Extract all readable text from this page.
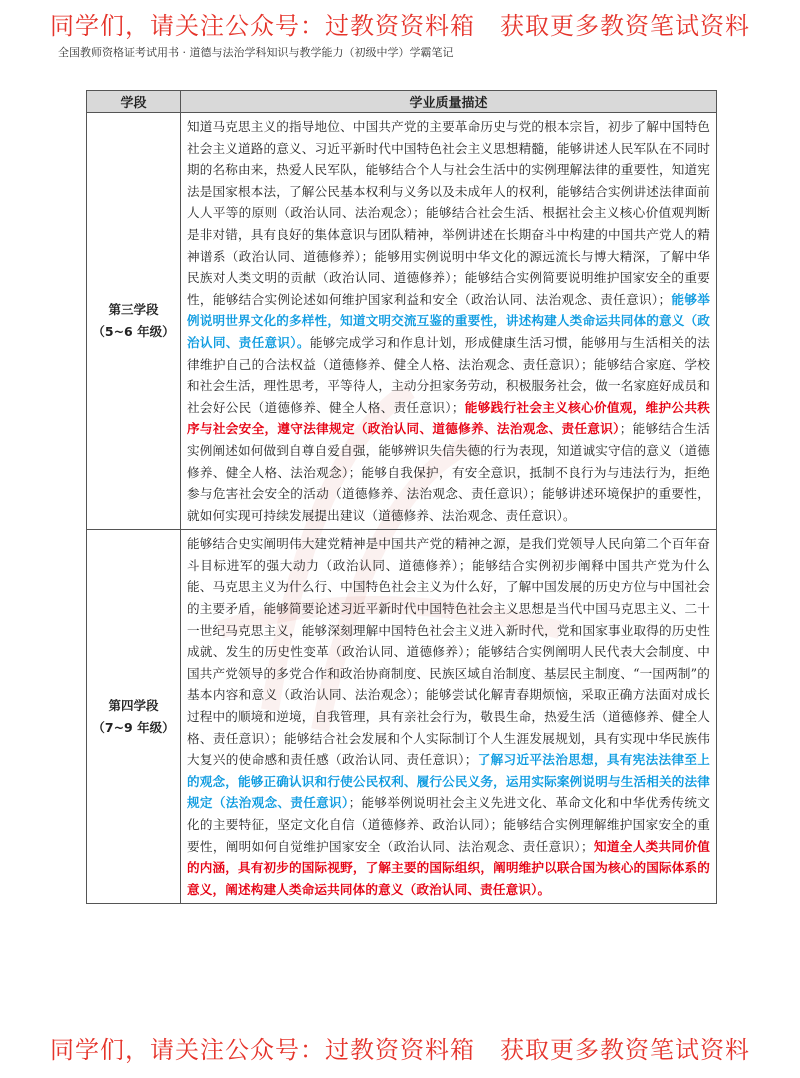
同学们，请关注公众号：过教资资料箱　获取更多教资笔试资料
全国教师资格证考试用书 · 道德与法治学科知识与教学能力（初级中学）学霸笔记
学段	学业质量描述

第三学段
（5~6 年级）	知道马克思主义的指导地位、中国共产党的主要革命历史与党的根本宗旨，初步了解中国特色社会主义道路的意义、习近平新时代中国特色社会主义思想精髓，能够讲述人民军队在不同时期的名称由来，热爱人民军队，能够结合个人与社会生活中的实例理解法律的重要性，知道宪法是国家根本法，了解公民基本权利与义务以及未成年人的权利，能够结合实例讲述法律面前人人平等的原则（政治认同、法治观念）；能够结合社会生活、根据社会主义核心价值观判断是非对错，具有良好的集体意识与团队精神，举例讲述在长期奋斗中构建的中国共产党人的精神谱系（政治认同、道德修养）；能够用实例说明中华文化的源远流长与博大精深，了解中华民族对人类文明的贡献（政治认同、道德修养）；能够结合实例简要说明维护国家安全的重要性，能够结合实例论述如何维护国家利益和安全（政治认同、法治观念、责任意识）；能够举例说明世界文化的多样性，知道文明交流互鉴的重要性，讲述构建人类命运共同体的意义（政治认同、责任意识）。能够完成学习和作息计划，形成健康生活习惯，能够用与生活相关的法律维护自己的合法权益（道德修养、健全人格、法治观念、责任意识）；能够结合家庭、学校和社会生活，理性思考，平等待人，主动分担家务劳动，积极服务社会，做一名家庭好成员和社会好公民（道德修养、健全人格、责任意识）；能够践行社会主义核心价值观，维护公共秩序与社会安全，遵守法律规定（政治认同、道德修养、法治观念、责任意识）；能够结合生活实例阐述如何做到自尊自爱自强，能够辨识失信失德的行为表现，知道诚实守信的意义（道德修养、健全人格、法治观念）；能够自我保护，有安全意识，抵制不良行为与违法行为，拒绝参与危害社会安全的活动（道德修养、法治观念、责任意识）；能够讲述环境保护的重要性，就如何实现可持续发展提出建议（道德修养、法治观念、责任意识）。

第四学段
（7~9 年级）	能够结合史实阐明伟大建党精神是中国共产党的精神之源，是我们党领导人民向第二个百年奋斗目标进军的强大动力（政治认同、道德修养）；能够结合实例初步阐释中国共产党为什么能、马克思主义为什么行、中国特色社会主义为什么好，了解中国发展的历史方位与中国社会的主要矛盾，能够简要论述习近平新时代中国特色社会主义思想是当代中国马克思主义、二十一世纪马克思主义，能够深刻理解中国特色社会主义进入新时代，党和国家事业取得的历史性成就、发生的历史性变革（政治认同、道德修养）；能够结合实例阐明人民代表大会制度、中国共产党领导的多党合作和政治协商制度、民族区域自治制度、基层民主制度、“一国两制”的基本内容和意义（政治认同、法治观念）；能够尝试化解青春期烦恼，采取正确方法面对成长过程中的顺境和逆境，自我管理，具有亲社会行为，敬畏生命，热爱生活（道德修养、健全人格、责任意识）；能够结合社会发展和个人实际制订个人生涯发展规划，具有实现中华民族伟大复兴的使命感和责任感（政治认同、责任意识）；了解习近平法治思想，具有宪法法律至上的观念，能够正确认识和行使公民权利、履行公民义务，运用实际案例说明与生活相关的法律规定（法治观念、责任意识）；能够举例说明社会主义先进文化、革命文化和中华优秀传统文化的主要特征，坚定文化自信（道德修养、政治认同）；能够结合实例理解维护国家安全的重要性，阐明如何自觉维护国家安全（政治认同、法治观念、责任意识）；知道全人类共同价值的内涵，具有初步的国际视野，了解主要的国际组织，阐明维护以联合国为核心的国际体系的意义，阐述构建人类命运共同体的意义（政治认同、责任意识）。
同学们，请关注公众号：过教资资料箱　获取更多教资笔试资料
